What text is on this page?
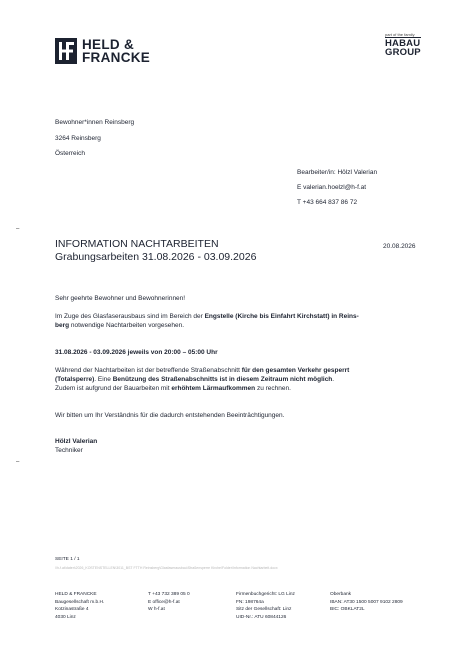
HELD &
FRANCKE
part of the family
HABAU
GROUP
Bewohner*innen Reinsberg
3264 Reinsberg
Österreich
Bearbeiter/in: Hölzl Valerian
E valerian.hoelzl@h-f.at
T +43 664 837 86 72
–
–
INFORMATION NACHTARBEITEN
Grabungsarbeiten 31.08.2026 - 03.09.2026
20.08.2026
Sehr geehrte Bewohner und Bewohnerinnen!
Im Zuge des Glasfaserausbaus sind im Bereich der Engstelle (Kirche bis Einfahrt Kirchstatt) in Reins-
berg notwendige Nachtarbeiten vorgesehen.
31.08.2026 - 03.09.2026 jeweils von 20:00 – 05:00 Uhr
Während der Nachtarbeiten ist der betreffende Straßenabschnitt für den gesamten Verkehr gesperrt
(Totalsperre). Eine Benützung des Straßenabschnitts ist in diesem Zeitraum nicht möglich.
Zudem ist aufgrund der Bauarbeiten mit erhöhtem Lärmaufkommen zu rechnen.
Wir bitten um Ihr Verständnis für die dadurch entstehenden Beeinträchtigungen.
Hölzl Valerian
Techniker
SEITE 1 / 1
\\h-f.at\daten\2026_KOSTENSTELLEN\3011_BST FTTH Reinsberg\Glasfaserausbau\Straßensperre Kirche\Folder\Information Nachtarbeit.docx
HELD & FRANCKE
Baugesellschaft m.b.H.
Kotzinastraße 4
4030 Linz
T +43 732 389 05 0
E office@h-f.at
W h-f.at
Firmenbuchgericht: LG Linz
FN: 198764a
Sitz der Gesellschaft: Linz
UID-Nr.: ATU 60844126
Oberbank
IBAN: AT30 1500 5007 9102 2809
BIC: OBKLAT2L
